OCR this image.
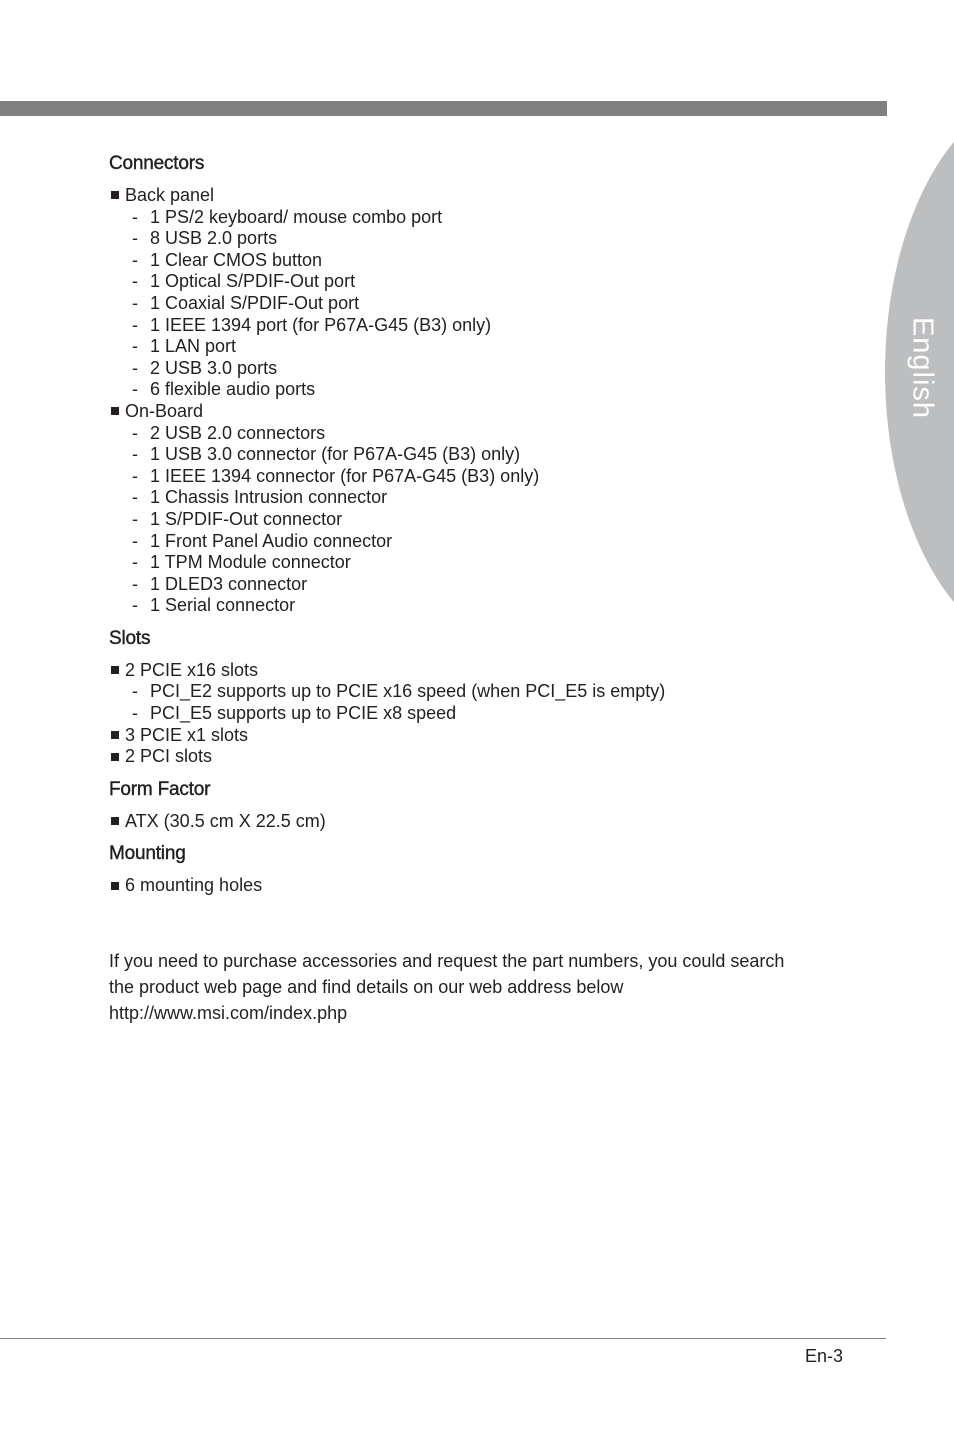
English
Connectors
Back panel
- 1 PS/2 keyboard/ mouse combo port
- 8 USB 2.0 ports
- 1 Clear CMOS button
- 1 Optical S/PDIF-Out port
- 1 Coaxial S/PDIF-Out port
- 1 IEEE 1394 port (for P67A-G45 (B3) only)
- 1 LAN port
- 2 USB 3.0 ports
- 6 flexible audio ports
On-Board
- 2 USB 2.0 connectors
- 1 USB 3.0 connector (for P67A-G45 (B3) only)
- 1 IEEE 1394 connector (for P67A-G45 (B3) only)
- 1 Chassis Intrusion connector
- 1 S/PDIF-Out connector
- 1 Front Panel Audio connector
- 1 TPM Module connector
- 1 DLED3 connector
- 1 Serial connector
Slots
2 PCIE x16 slots
- PCI_E2 supports up to PCIE x16 speed (when PCI_E5 is empty)
- PCI_E5 supports up to PCIE x8 speed
3 PCIE x1 slots
2 PCI slots
Form Factor
ATX (30.5 cm X 22.5 cm)
Mounting
6 mounting holes
If you need to purchase accessories and request the part numbers, you could search
the product web page and find details on our web address below
http://www.msi.com/index.php
En-3
